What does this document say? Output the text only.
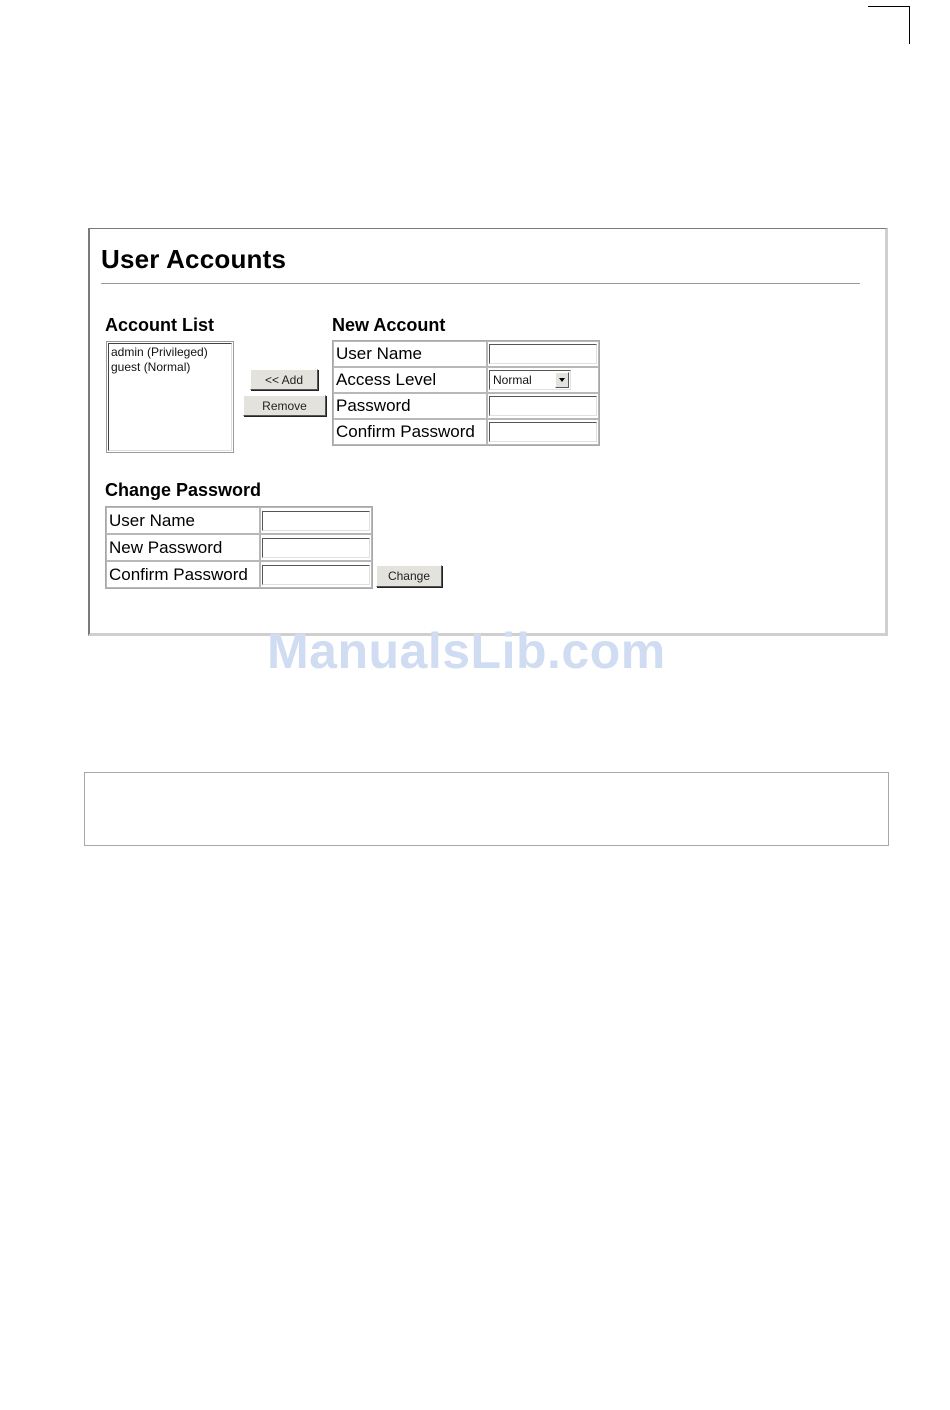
User Accounts
Account List
admin (Privileged)
guest (Normal)
<< Add
Remove
New Account
User Name	

Access Level	Normal

Password	

Confirm Password	
Change Password
User Name	

New Password	

Confirm Password		Change
ManualsLib.com
